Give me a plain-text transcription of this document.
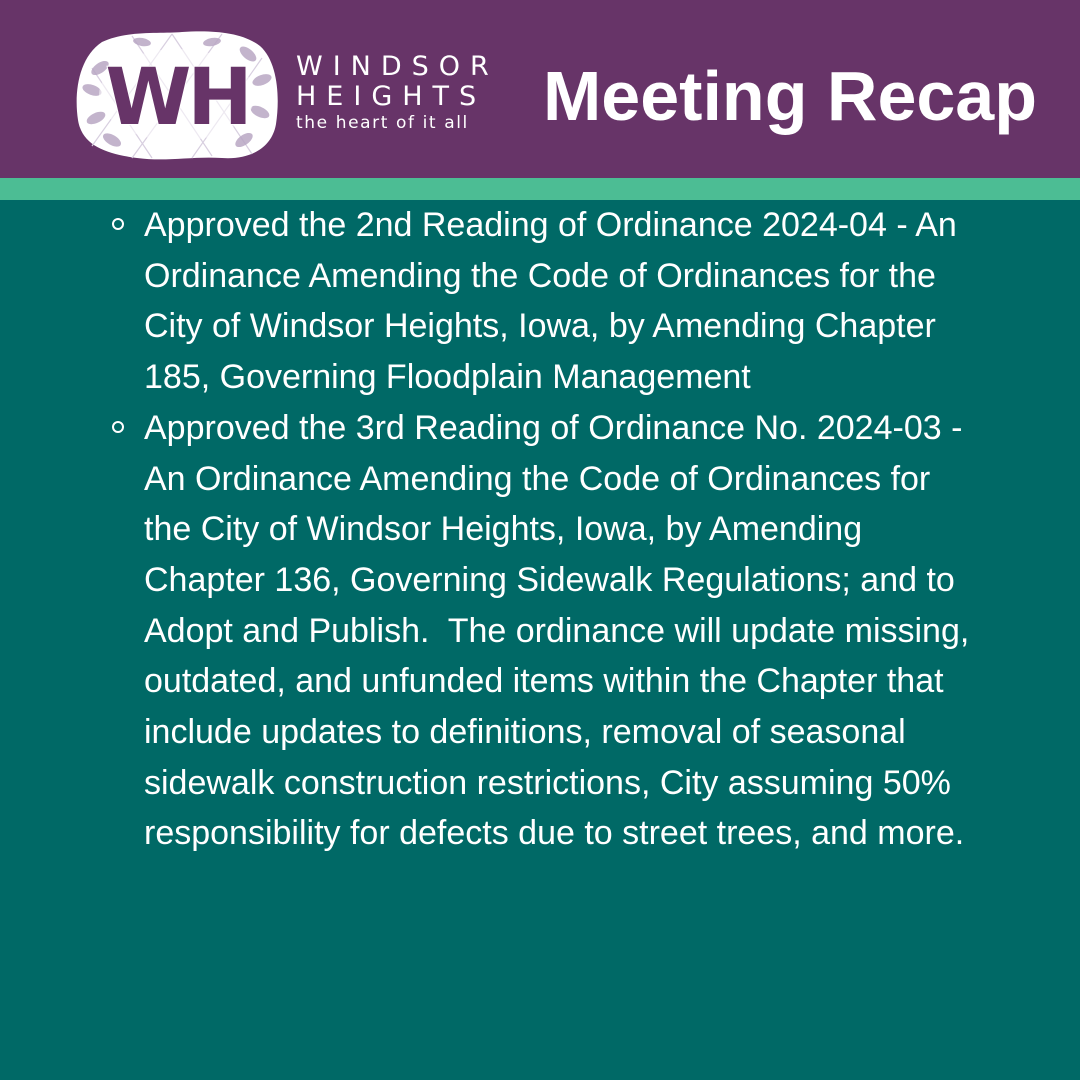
WH WINDSOR
HEIGHTS
the heart of it all	Meeting Recap
Approved the 2nd Reading of Ordinance 2024-04 - An
Ordinance Amending the Code of Ordinances for the
City of Windsor Heights, Iowa, by Amending Chapter
185, Governing Floodplain Management
Approved the 3rd Reading of Ordinance No. 2024-03 -
An Ordinance Amending the Code of Ordinances for
the City of Windsor Heights, Iowa, by Amending
Chapter 136, Governing Sidewalk Regulations; and to
Adopt and Publish.  The ordinance will update missing,
outdated, and unfunded items within the Chapter that
include updates to definitions, removal of seasonal
sidewalk construction restrictions, City assuming 50%
responsibility for defects due to street trees, and more.
